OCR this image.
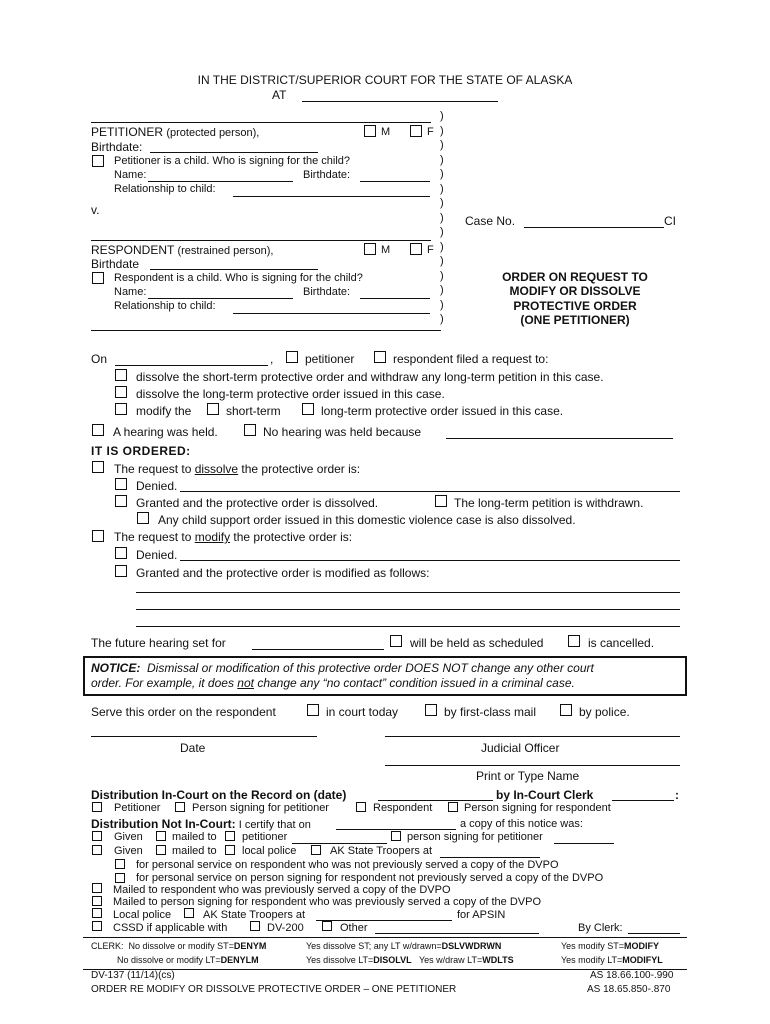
IN THE DISTRICT/SUPERIOR COURT FOR THE STATE OF ALASKA
AT
PETITIONER (protected person),	M	F
Birthdate:
Petitioner is a child. Who is signing for the child?
Name:	Birthdate:
Relationship to child:
v.
RESPONDENT (restrained person),	M	F
Birthdate
Respondent is a child. Who is signing for the child?
Name:	Birthdate:
Relationship to child:
)
)
)
)
)
)
)
)
)
)
)
)
)
)
)
Case No.	CI
ORDER ON REQUEST TO
MODIFY OR DISSOLVE
PROTECTIVE ORDER
(ONE PETITIONER)
On	,	petitioner	respondent filed a request to:
dissolve the short-term protective order and withdraw any long-term petition in this case.
dissolve the long-term protective order issued in this case.
modify the	short-term	long-term protective order issued in this case.
A hearing was held.	No hearing was held because
IT IS ORDERED:
The request to dissolve the protective order is:
Denied.
Granted and the protective order is dissolved.	The long-term petition is withdrawn.
Any child support order issued in this domestic violence case is also dissolved.
The request to modify the protective order is:
Denied.
Granted and the protective order is modified as follows:
The future hearing set for	will be held as scheduled	is cancelled.
NOTICE: Dismissal or modification of this protective order DOES NOT change any other court
order. For example, it does not change any “no contact” condition issued in a criminal case.
Serve this order on the respondent	in court today	by first-class mail	by police.
Date	Judicial Officer
Print or Type Name
Distribution In-Court on the Record on (date)	by In-Court Clerk	:
Petitioner	Person signing for petitioner	Respondent	Person signing for respondent
Distribution Not In-Court: I certify that on	a copy of this notice was:
Given	mailed to petitioner	person signing for petitioner
Given	mailed to local police	AK State Troopers at
for personal service on respondent who was not previously served a copy of the DVPO
for personal service on person signing for respondent not previously served a copy of the DVPO
Mailed to respondent who was previously served a copy of the DVPO
Mailed to person signing for respondent who was previously served a copy of the DVPO
Local police	AK State Troopers at	for APSIN
CSSD if applicable with	DV-200	Other	By Clerk:
CLERK: No dissolve or modify ST=DENYM	Yes dissolve ST; any LT w/drawn=DSLVWDRWN	Yes modify ST=MODIFY
No dissolve or modify LT=DENYLM	Yes dissolve LT=DISOLVL Yes w/draw LT=WDLTS	Yes modify LT=MODIFYL
DV-137 (11/14)(cs)
ORDER RE MODIFY OR DISSOLVE PROTECTIVE ORDER – ONE PETITIONER
AS 18.66.100-.990
AS 18.65.850-.870
